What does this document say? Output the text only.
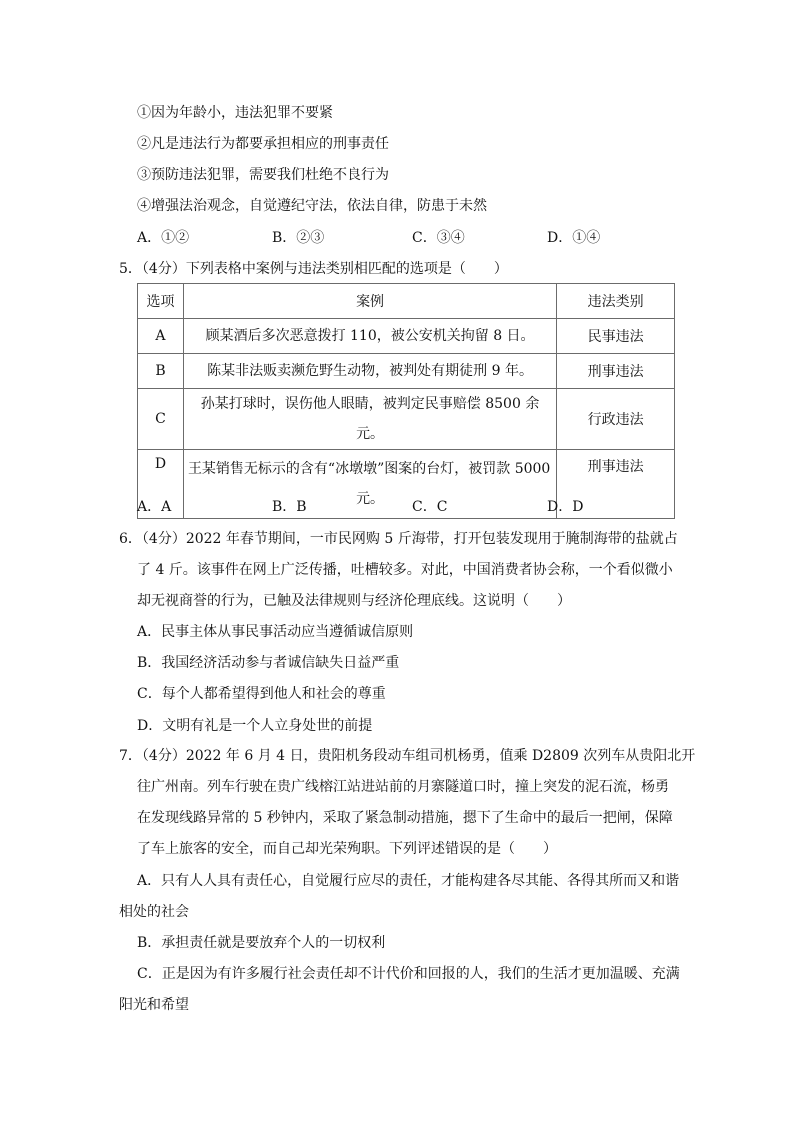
①因为年龄小，违法犯罪不要紧
②凡是违法行为都要承担相应的刑事责任
③预防违法犯罪，需要我们杜绝不良行为
④增强法治观念，自觉遵纪守法，依法自律，防患于未然
A．①②	B．②③	C．③④	D．①④
5．（4分）下列表格中案例与违法类别相匹配的选项是（　　）
选项	案例	违法类别
A	顾某酒后多次恶意拨打 110，被公安机关拘留 8 日。	民事违法
B	陈某非法贩卖濒危野生动物，被判处有期徒刑 9 年。	刑事违法
C	孙某打球时，误伤他人眼睛，被判定民事赔偿 8500 余元。	行政违法
D	王某销售无标示的含有“冰墩墩”图案的台灯，被罚款 5000
元。	刑事违法
A．A	B．B	C．C	D．D
6．（4分）2022 年春节期间，一市民网购 5 斤海带，打开包装发现用于腌制海带的盐就占
了 4 斤。该事件在网上广泛传播，吐槽较多。对此，中国消费者协会称，一个看似微小
却无视商誉的行为，已触及法律规则与经济伦理底线。这说明（　　）
A．民事主体从事民事活动应当遵循诚信原则
B．我国经济活动参与者诚信缺失日益严重
C．每个人都希望得到他人和社会的尊重
D．文明有礼是一个人立身处世的前提
7．（4分）2022 年 6 月 4 日，贵阳机务段动车组司机杨勇，值乘 D2809 次列车从贵阳北开
往广州南。列车行驶在贵广线榕江站进站前的月寨隧道口时，撞上突发的泥石流，杨勇
在发现线路异常的 5 秒钟内，采取了紧急制动措施，摁下了生命中的最后一把闸，保障
了车上旅客的安全，而自己却光荣殉职。下列评述错误的是（　　）
A．只有人人具有责任心，自觉履行应尽的责任，才能构建各尽其能、各得其所而又和谐
相处的社会
B．承担责任就是要放弃个人的一切权利
C．正是因为有许多履行社会责任却不计代价和回报的人，我们的生活才更加温暖、充满
阳光和希望
